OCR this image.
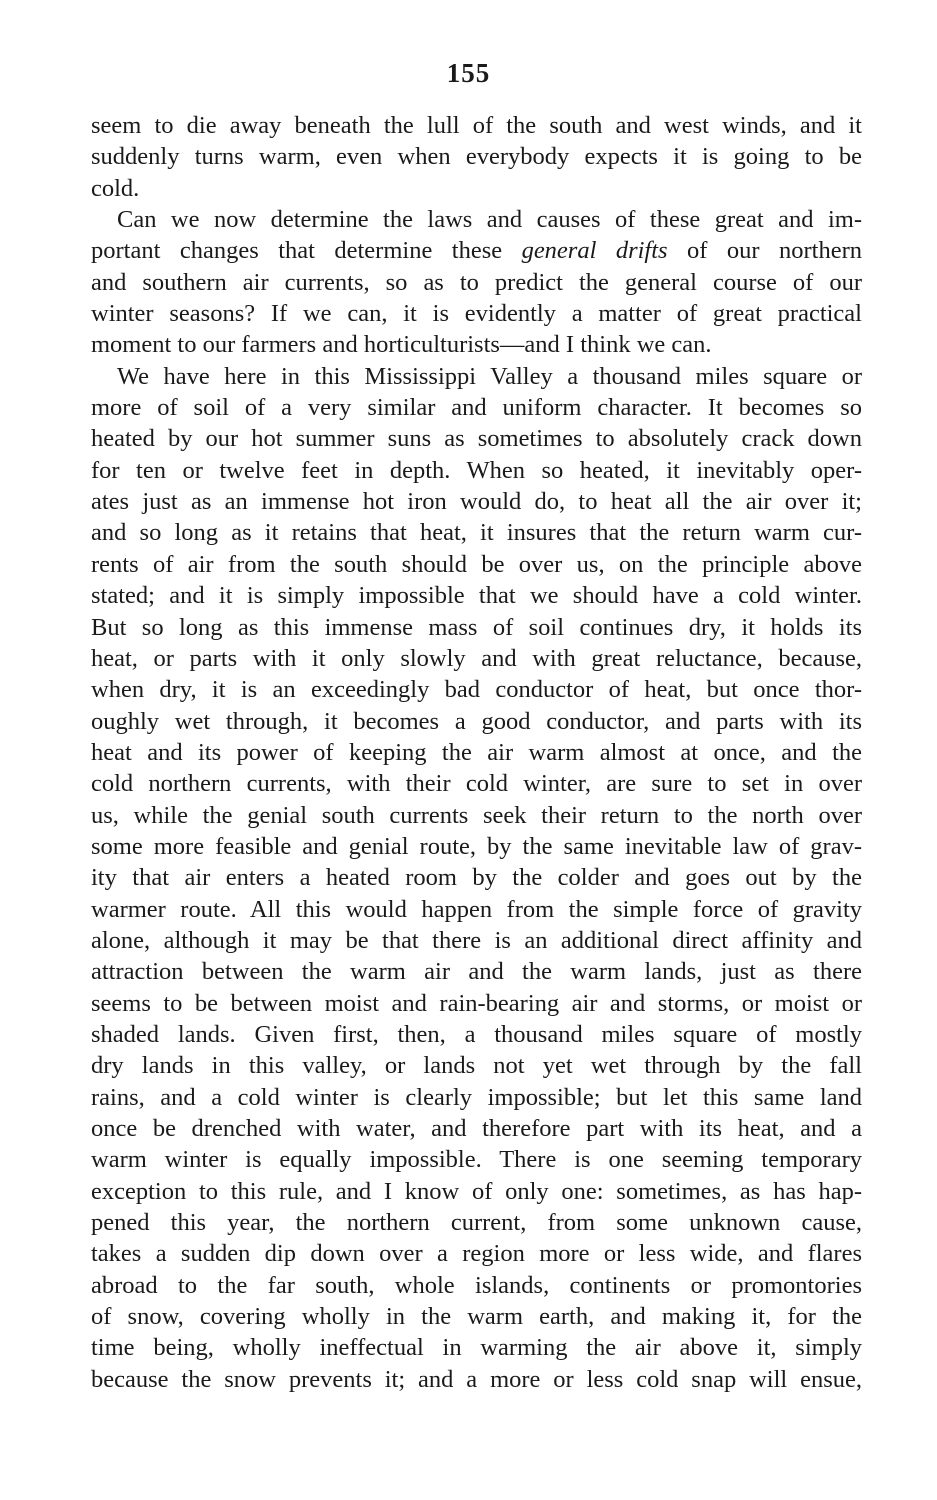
155
seem to die away beneath the lull of the south and west winds, and it
suddenly turns warm, even when everybody expects it is going to be
cold.
Can we now determine the laws and causes of these great and im-
portant changes that determine these general drifts of our northern
and southern air currents, so as to predict the general course of our
winter seasons? If we can, it is evidently a matter of great practical
moment to our farmers and horticulturists—and I think we can.
We have here in this Mississippi Valley a thousand miles square or
more of soil of a very similar and uniform character. It becomes so
heated by our hot summer suns as sometimes to absolutely crack down
for ten or twelve feet in depth. When so heated, it inevitably oper-
ates just as an immense hot iron would do, to heat all the air over it;
and so long as it retains that heat, it insures that the return warm cur-
rents of air from the south should be over us, on the principle above
stated; and it is simply impossible that we should have a cold winter.
But so long as this immense mass of soil continues dry, it holds its
heat, or parts with it only slowly and with great reluctance, because,
when dry, it is an exceedingly bad conductor of heat, but once thor-
oughly wet through, it becomes a good conductor, and parts with its
heat and its power of keeping the air warm almost at once, and the
cold northern currents, with their cold winter, are sure to set in over
us, while the genial south currents seek their return to the north over
some more feasible and genial route, by the same inevitable law of grav-
ity that air enters a heated room by the colder and goes out by the
warmer route. All this would happen from the simple force of gravity
alone, although it may be that there is an additional direct affinity and
attraction between the warm air and the warm lands, just as there
seems to be between moist and rain-bearing air and storms, or moist or
shaded lands. Given first, then, a thousand miles square of mostly
dry lands in this valley, or lands not yet wet through by the fall
rains, and a cold winter is clearly impossible; but let this same land
once be drenched with water, and therefore part with its heat, and a
warm winter is equally impossible. There is one seeming temporary
exception to this rule, and I know of only one: sometimes, as has hap-
pened this year, the northern current, from some unknown cause,
takes a sudden dip down over a region more or less wide, and flares
abroad to the far south, whole islands, continents or promontories
of snow, covering wholly in the warm earth, and making it, for the
time being, wholly ineffectual in warming the air above it, simply
because the snow prevents it; and a more or less cold snap will ensue,
